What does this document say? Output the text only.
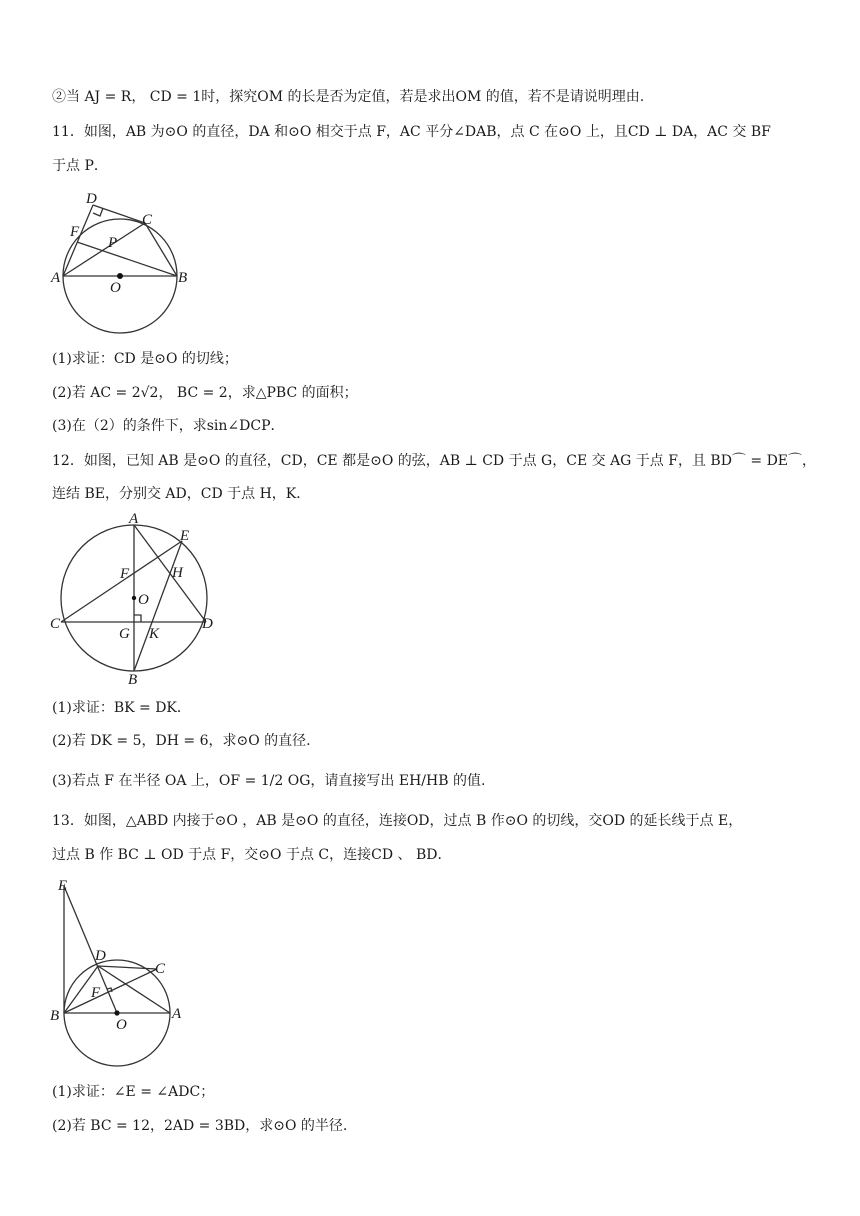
②当 AJ = R， CD = 1时，探究OM 的长是否为定值，若是求出OM 的值，若不是请说明理由.
11．如图，AB 为⊙O 的直径，DA 和⊙O 相交于点 F，AC 平分∠DAB，点 C 在⊙O 上，且CD ⊥ DA，AC 交 BF
于点 P．
D
C
F
P
A	B
O
(1)求证：CD 是⊙O 的切线；
(2)若 AC = 2√2， BC = 2，求△PBC 的面积；
(3)在（2）的条件下，求sin∠DCP．
12．如图，已知 AB 是⊙O 的直径，CD，CE 都是⊙O 的弦，AB ⊥ CD 于点 G，CE 交 AG 于点 F，且 BD⌒ = DE⌒，
连结 BE，分别交 AD，CD 于点 H，K．
A
E
F	H
O
C
G K
D
B
(1)求证：BK = DK．
(2)若 DK = 5，DH = 6，求⊙O 的直径.
(3)若点 F 在半径 OA 上，OF = 1/2 OG，请直接写出 EH/HB 的值.
13．如图，△ABD 内接于⊙O ，AB 是⊙O 的直径，连接OD，过点 B 作⊙O 的切线，交OD 的延长线于点 E，
过点 B 作 BC ⊥ OD 于点 F，交⊙O 于点 C，连接CD 、 BD．
E
D
C
F
B
O
A
(1)求证：∠E = ∠ADC；
(2)若 BC = 12，2AD = 3BD，求⊙O 的半径.
